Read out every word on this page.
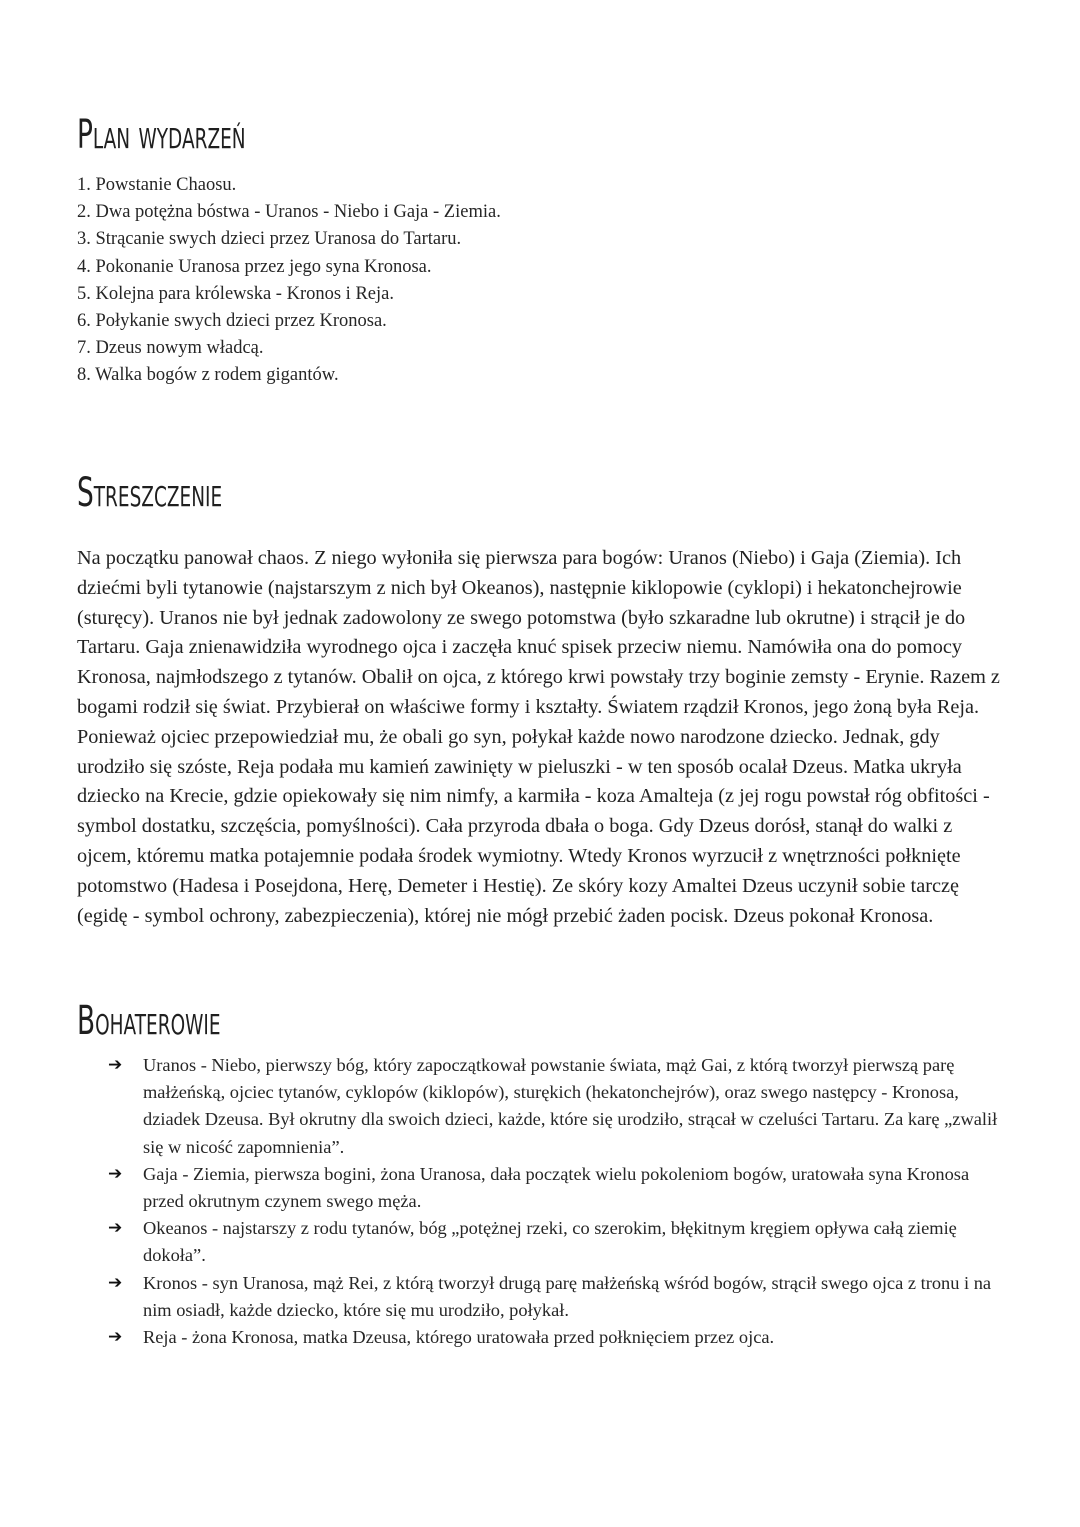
Plan wydarzeń
1. Powstanie Chaosu.
2. Dwa potężna bóstwa - Uranos - Niebo i Gaja - Ziemia.
3. Strącanie swych dzieci przez Uranosa do Tartaru.
4. Pokonanie Uranosa przez jego syna Kronosa.
5. Kolejna para królewska - Kronos i Reja.
6. Połykanie swych dzieci przez Kronosa.
7. Dzeus nowym władcą.
8. Walka bogów z rodem gigantów.
Streszczenie

Na początku panował chaos. Z niego wyłoniła się pierwsza para bogów: Uranos (Niebo) i Gaja (Ziemia). Ich dziećmi byli tytanowie (najstarszym z nich był Okeanos), następnie kiklopowie (cyklopi) i hekatonchejrowie (sturęcy). Uranos nie był jednak zadowolony ze swego potomstwa (było szkaradne lub okrutne) i strącił je do Tartaru. Gaja znienawidziła wyrodnego ojca i zaczęła knuć spisek przeciw niemu. Namówiła ona do pomocy Kronosa, najmłodszego z tytanów. Obalił on ojca, z którego krwi powstały trzy boginie zemsty - Erynie. Razem z bogami rodził się świat. Przybierał on właściwe formy i kształty. Światem rządził Kronos, jego żoną była Reja. Ponieważ ojciec przepowiedział mu, że obali go syn, połykał każde nowo narodzone dziecko. Jednak, gdy urodziło się szóste, Reja podała mu kamień zawinięty w pieluszki - w ten sposób ocalał Dzeus. Matka ukryła dziecko na Krecie, gdzie opiekowały się nim nimfy, a karmiła - koza Amalteja (z jej rogu powstał róg obfitości - symbol dostatku, szczęścia, pomyślności). Cała przyroda dbała o boga. Gdy Dzeus dorósł, stanął do walki z ojcem, któremu matka potajemnie podała środek wymiotny. Wtedy Kronos wyrzucił z wnętrzności połknięte potomstwo (Hadesa i Posejdona, Herę, Demeter i Hestię). Ze skóry kozy Amaltei Dzeus uczynił sobie tarczę (egidę - symbol ochrony, zabezpieczenia), której nie mógł przebić żaden pocisk. Dzeus pokonał Kronosa.

Bohaterowie
➔ Uranos - Niebo, pierwszy bóg, który zapoczątkował powstanie świata, mąż Gai, z którą tworzył pierwszą parę małżeńską, ojciec tytanów, cyklopów (kiklopów), sturękich (hekatonchejrów), oraz swego następcy - Kronosa, dziadek Dzeusa. Był okrutny dla swoich dzieci, każde, które się urodziło, strącał w czeluści Tartaru. Za karę „zwalił się w nicość zapomnienia”.
➔ Gaja - Ziemia, pierwsza bogini, żona Uranosa, dała początek wielu pokoleniom bogów, uratowała syna Kronosa przed okrutnym czynem swego męża.
➔ Okeanos - najstarszy z rodu tytanów, bóg „potężnej rzeki, co szerokim, błękitnym kręgiem opływa całą ziemię dokoła”.
➔ Kronos - syn Uranosa, mąż Rei, z którą tworzył drugą parę małżeńską wśród bogów, strącił swego ojca z tronu i na nim osiadł, każde dziecko, które się mu urodziło, połykał.
➔ Reja - żona Kronosa, matka Dzeusa, którego uratowała przed połknięciem przez ojca.
